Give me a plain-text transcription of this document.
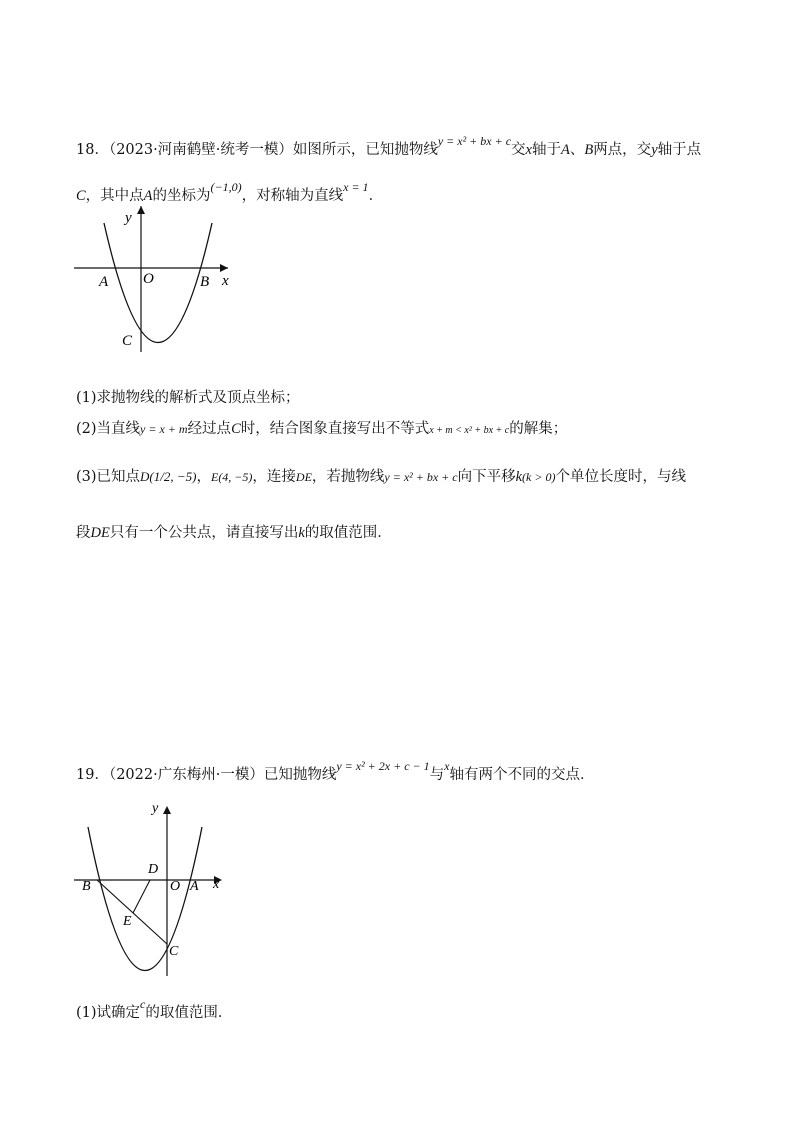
18．（2023·河南鹤壁·统考一模）如图所示，已知抛物线$^{y = x^2 + bx + c}$交x轴于A、B两点，交y轴于点
C，其中点A的坐标为$^{(-1,0)}$，对称轴为直线$^{x = 1}$．
y
A O	B x
C
(1)求抛物线的解析式及顶点坐标；
(2)当直线y = x + m经过点C时，结合图象直接写出不等式x + m < x² + bx + c的解集；
(3)已知点D(1/2, −5)，E(4, −5)，连接DE，若抛物线y = x² + bx + c向下平移k(k > 0)个单位长度时，与线
段DE只有一个公共点，请直接写出k的取值范围．
19．（2022·广东梅州·一模）已知抛物线$^{y = x^2 + 2x + c - 1}$与$^x$轴有两个不同的交点．
y
D
B	O A x
E
C
(1)试确定$^c$的取值范围．
